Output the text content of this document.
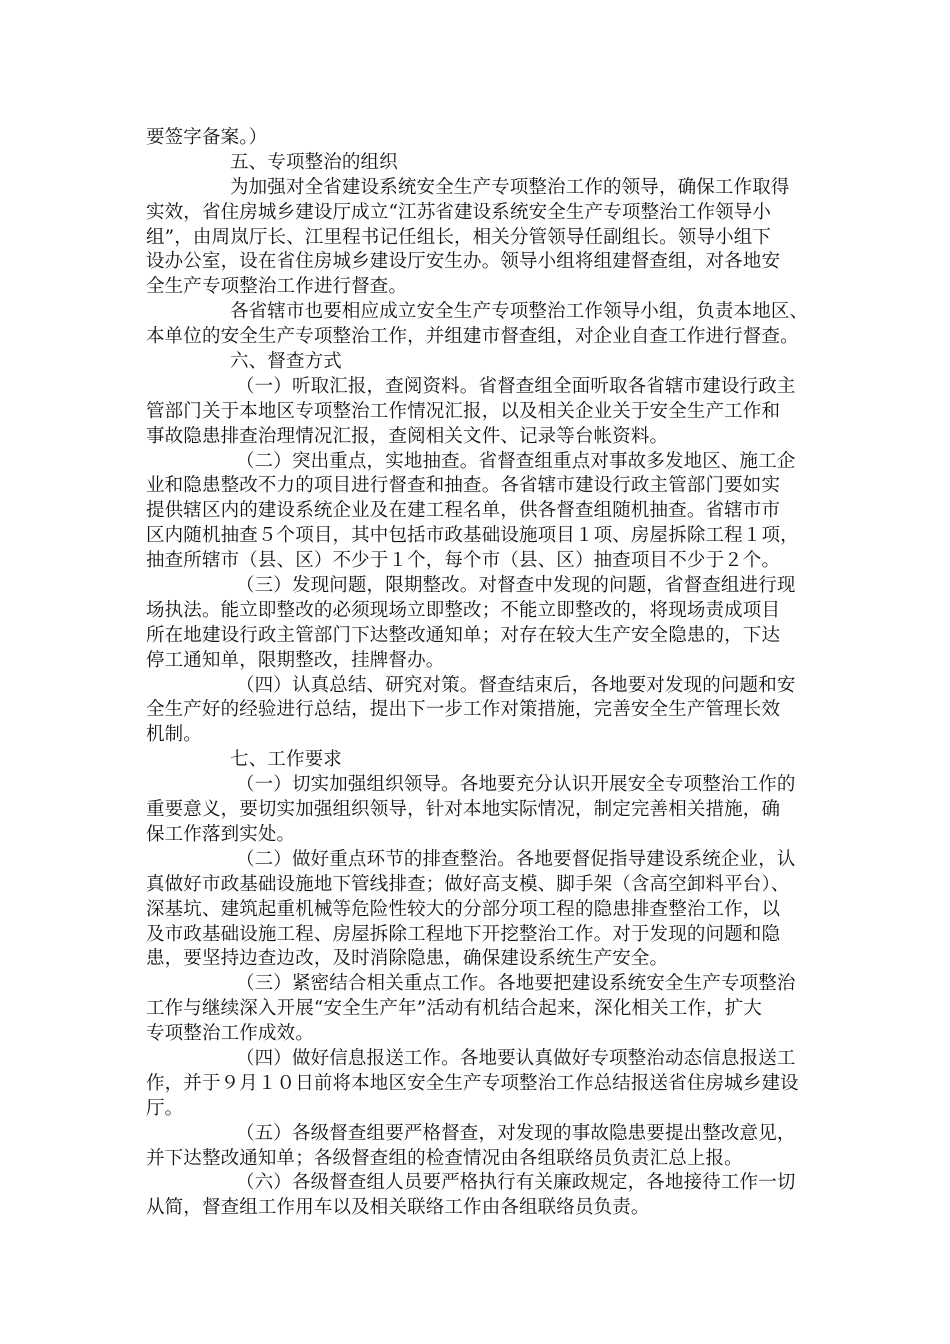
要签字备案。）
五、专项整治的组织
为加强对全省建设系统安全生产专项整治工作的领导，确保工作取得
实效，省住房城乡建设厅成立“江苏省建设系统安全生产专项整治工作领导小
组”，由周岚厅长、江里程书记任组长，相关分管领导任副组长。领导小组下
设办公室，设在省住房城乡建设厅安生办。领导小组将组建督查组，对各地安
全生产专项整治工作进行督查。
各省辖市也要相应成立安全生产专项整治工作领导小组，负责本地区、
本单位的安全生产专项整治工作，并组建市督查组，对企业自查工作进行督查。
六、督查方式
（一）听取汇报，查阅资料。省督查组全面听取各省辖市建设行政主
管部门关于本地区专项整治工作情况汇报，以及相关企业关于安全生产工作和
事故隐患排查治理情况汇报，查阅相关文件、记录等台帐资料。
（二）突出重点，实地抽查。省督查组重点对事故多发地区、施工企
业和隐患整改不力的项目进行督查和抽查。各省辖市建设行政主管部门要如实
提供辖区内的建设系统企业及在建工程名单，供各督查组随机抽查。省辖市市
区内随机抽查５个项目，其中包括市政基础设施项目１项、房屋拆除工程１项，
抽查所辖市（县、区）不少于１个，每个市（县、区）抽查项目不少于２个。
（三）发现问题，限期整改。对督查中发现的问题，省督查组进行现
场执法。能立即整改的必须现场立即整改；不能立即整改的，将现场责成项目
所在地建设行政主管部门下达整改通知单；对存在较大生产安全隐患的，下达
停工通知单，限期整改，挂牌督办。
（四）认真总结、研究对策。督查结束后，各地要对发现的问题和安
全生产好的经验进行总结，提出下一步工作对策措施，完善安全生产管理长效
机制。
七、工作要求
（一）切实加强组织领导。各地要充分认识开展安全专项整治工作的
重要意义，要切实加强组织领导，针对本地实际情况，制定完善相关措施，确
保工作落到实处。
（二）做好重点环节的排查整治。各地要督促指导建设系统企业，认
真做好市政基础设施地下管线排查；做好高支模、脚手架（含高空卸料平台）、
深基坑、建筑起重机械等危险性较大的分部分项工程的隐患排查整治工作，以
及市政基础设施工程、房屋拆除工程地下开挖整治工作。对于发现的问题和隐
患，要坚持边查边改，及时消除隐患，确保建设系统生产安全。
（三）紧密结合相关重点工作。各地要把建设系统安全生产专项整治
工作与继续深入开展“安全生产年”活动有机结合起来，深化相关工作，扩大
专项整治工作成效。
（四）做好信息报送工作。各地要认真做好专项整治动态信息报送工
作，并于９月１０日前将本地区安全生产专项整治工作总结报送省住房城乡建设
厅。
（五）各级督查组要严格督查，对发现的事故隐患要提出整改意见，
并下达整改通知单；各级督查组的检查情况由各组联络员负责汇总上报。
（六）各级督查组人员要严格执行有关廉政规定，各地接待工作一切
从简，督查组工作用车以及相关联络工作由各组联络员负责。
